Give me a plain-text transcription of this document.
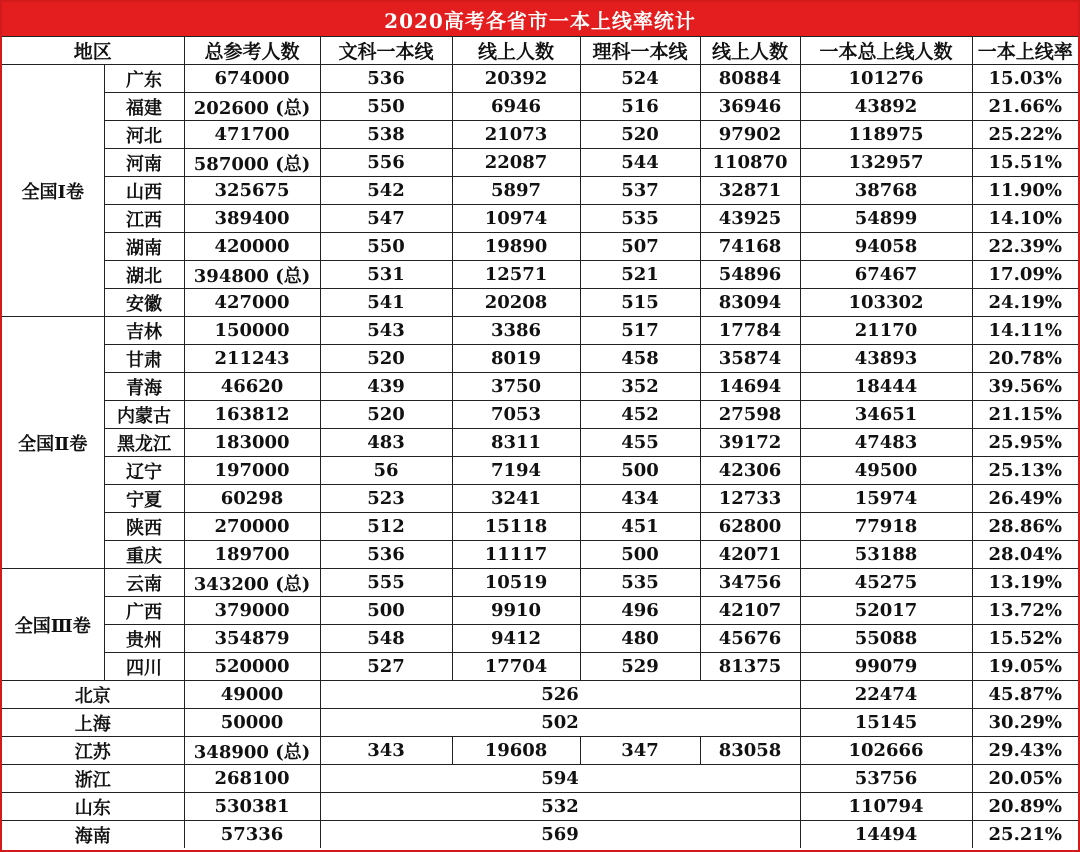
2020高考各省市一本上线率统计
地区		总参考人数	文科一本线	线上人数	理科一本线	线上人数	一本总上线人数	一本上线率
全国Ⅰ卷	广东	674000	536	20392	524	80884	101276	15.03%
	福建	202600 (总)	550	6946	516	36946	43892	21.66%
	河北	471700	538	21073	520	97902	118975	25.22%
	河南	587000 (总)	556	22087	544	110870	132957	15.51%
	山西	325675	542	5897	537	32871	38768	11.90%
	江西	389400	547	10974	535	43925	54899	14.10%
	湖南	420000	550	19890	507	74168	94058	22.39%
	湖北	394800 (总)	531	12571	521	54896	67467	17.09%
	安徽	427000	541	20208	515	83094	103302	24.19%
全国Ⅱ卷	吉林	150000	543	3386	517	17784	21170	14.11%
	甘肃	211243	520	8019	458	35874	43893	20.78%
	青海	46620	439	3750	352	14694	18444	39.56%
	内蒙古	163812	520	7053	452	27598	34651	21.15%
	黑龙江	183000	483	8311	455	39172	47483	25.95%
	辽宁	197000	56	7194	500	42306	49500	25.13%
	宁夏	60298	523	3241	434	12733	15974	26.49%
	陕西	270000	512	15118	451	62800	77918	28.86%
	重庆	189700	536	11117	500	42071	53188	28.04%
全国Ⅲ卷	云南	343200 (总)	555	10519	535	34756	45275	13.19%
	广西	379000	500	9910	496	42107	52017	13.72%
	贵州	354879	548	9412	480	45676	55088	15.52%
	四川	520000	527	17704	529	81375	99079	19.05%
北京		49000	526				22474	45.87%
上海		50000	502				15145	30.29%
江苏		348900 (总)	343	19608	347	83058	102666	29.43%
浙江		268100	594				53756	20.05%
山东		530381	532				110794	20.89%
海南		57336	569				14494	25.21%
